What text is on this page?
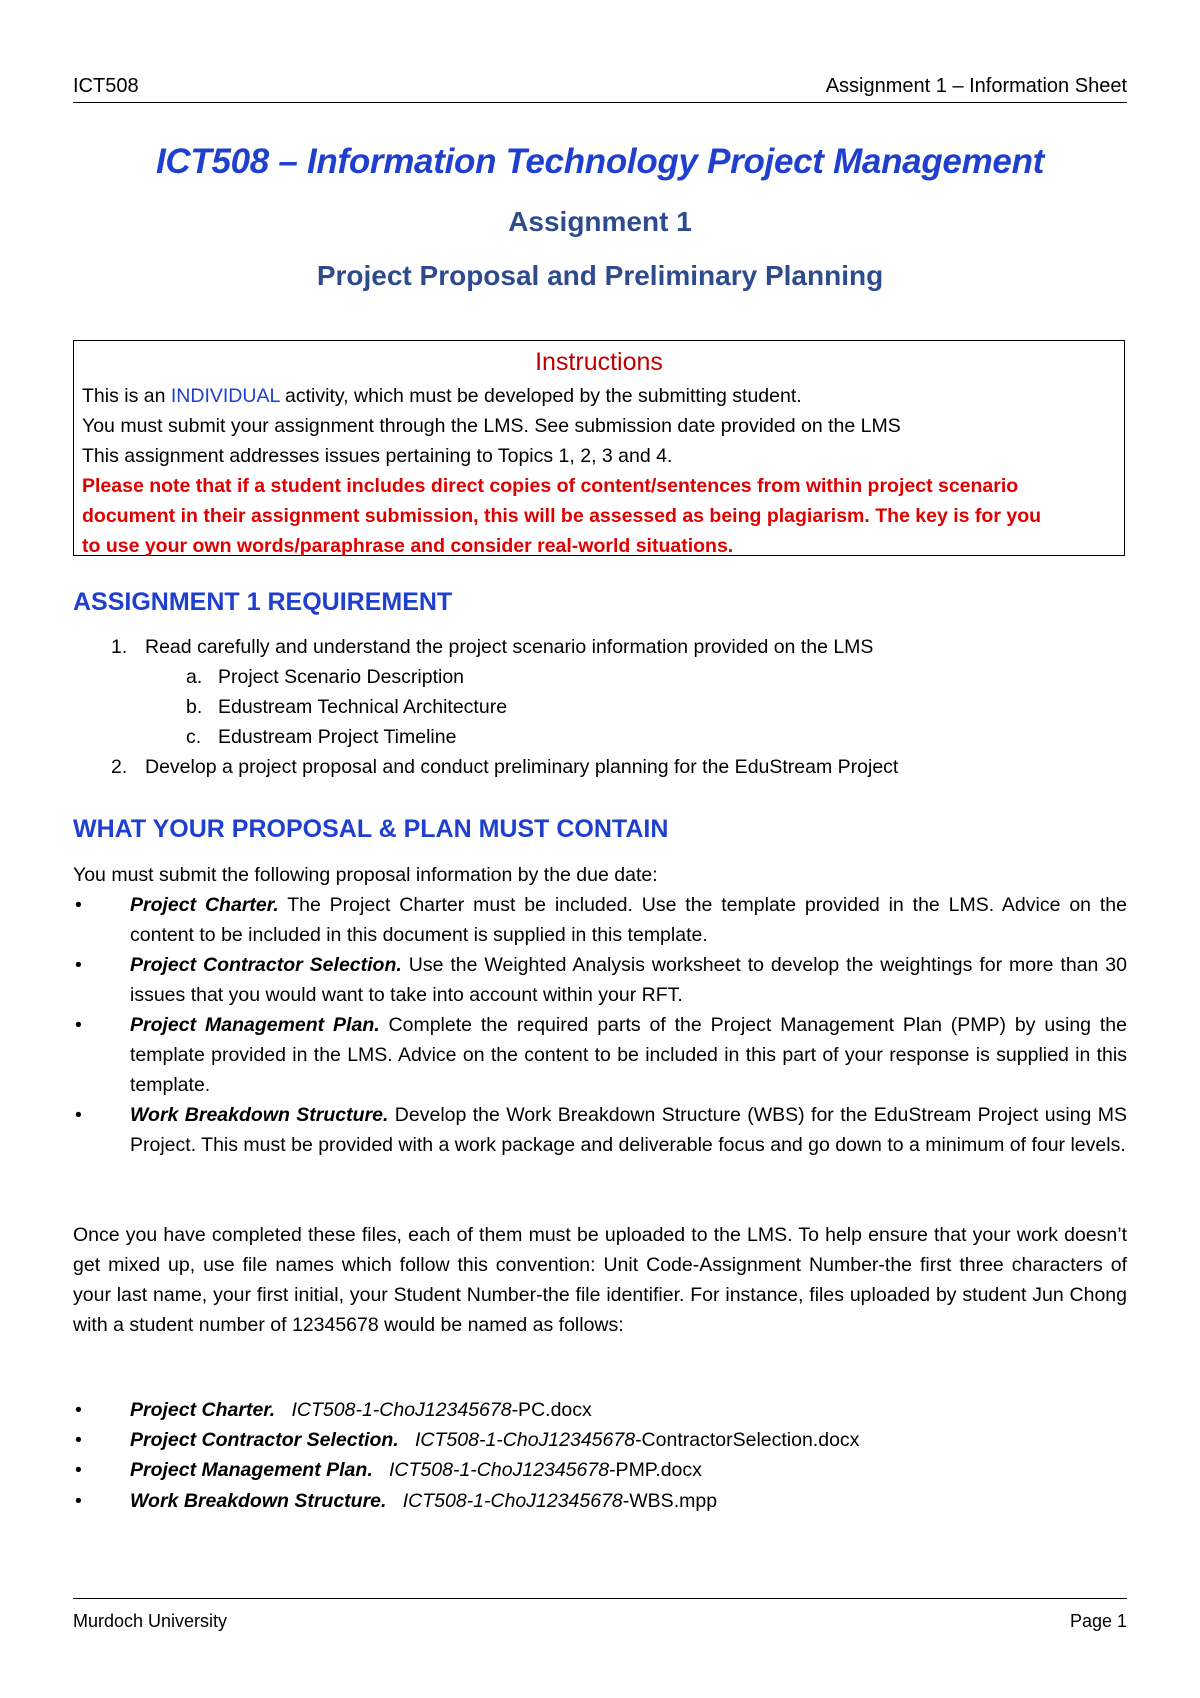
ICT508	Assignment 1 – Information Sheet
ICT508 – Information Technology Project Management
Assignment 1
Project Proposal and Preliminary Planning
Instructions
This is an INDIVIDUAL activity, which must be developed by the submitting student.
You must submit your assignment through the LMS. See submission date provided on the LMS
This assignment addresses issues pertaining to Topics 1, 2, 3 and 4.
Please note that if a student includes direct copies of content/sentences from within project scenario
document in their assignment submission, this will be assessed as being plagiarism. The key is for you
to use your own words/paraphrase and consider real-world situations.
ASSIGNMENT 1 REQUIREMENT
1. Read carefully and understand the project scenario information provided on the LMS
a. Project Scenario Description
b. Edustream Technical Architecture
c. Edustream Project Timeline
2. Develop a project proposal and conduct preliminary planning for the EduStream Project
WHAT YOUR PROPOSAL & PLAN MUST CONTAIN
You must submit the following proposal information by the due date:
• Project Charter. The Project Charter must be included. Use the template provided in the LMS. Advice on the content to be included in this document is supplied in this template.
• Project Contractor Selection. Use the Weighted Analysis worksheet to develop the weightings for more than 30 issues that you would want to take into account within your RFT.
• Project Management Plan. Complete the required parts of the Project Management Plan (PMP) by using the template provided in the LMS. Advice on the content to be included in this part of your response is supplied in this template.
• Work Breakdown Structure. Develop the Work Breakdown Structure (WBS) for the EduStream Project using MS Project. This must be provided with a work package and deliverable focus and go down to a minimum of four levels.
Once you have completed these files, each of them must be uploaded to the LMS. To help ensure that your work doesn’t get mixed up, use file names which follow this convention: Unit Code-Assignment Number-the first three characters of your last name, your first initial, your Student Number-the file identifier. For instance, files uploaded by student Jun Chong with a student number of 12345678 would be named as follows:
• Project Charter. ICT508-1-ChoJ12345678-PC.docx
• Project Contractor Selection. ICT508-1-ChoJ12345678-ContractorSelection.docx
• Project Management Plan. ICT508-1-ChoJ12345678-PMP.docx
• Work Breakdown Structure. ICT508-1-ChoJ12345678-WBS.mpp
Murdoch University	Page 1
